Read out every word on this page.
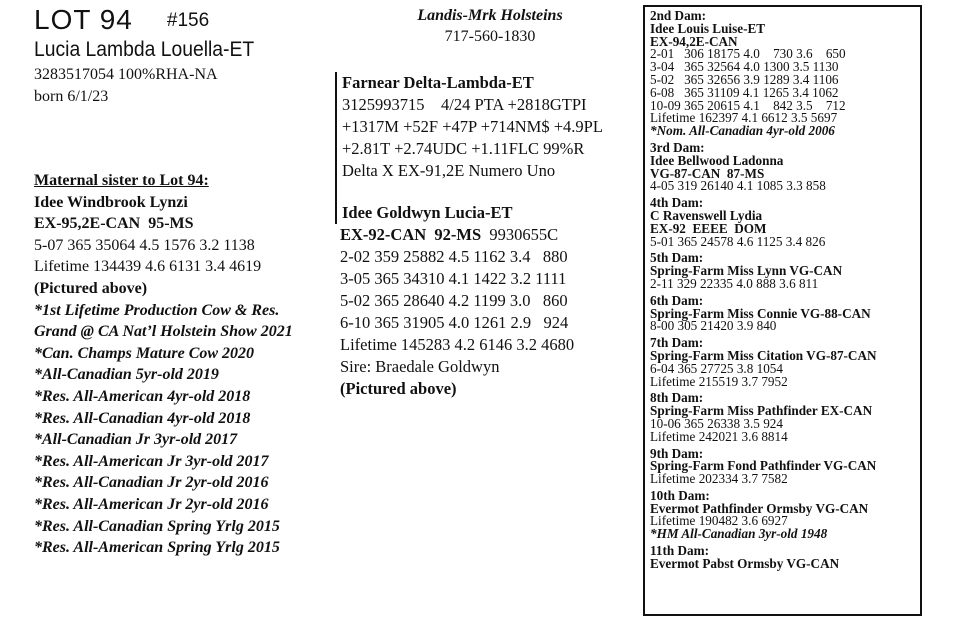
LOT 94 #156
Lucia Lambda Louella-ET
3283517054 100%RHA-NA
born 6/1/23
Landis-Mrk Holsteins
717-560-1830
Maternal sister to Lot 94:
Idee Windbrook Lynzi
EX-95,2E-CAN  95-MS
5-07 365 35064 4.5 1576 3.2 1138
Lifetime 134439 4.6 6131 3.4 4619
(Pictured above)
*1st Lifetime Production Cow & Res.
Grand @ CA Nat’l Holstein Show 2021
*Can. Champs Mature Cow 2020
*All-Canadian 5yr-old 2019
*Res. All-American 4yr-old 2018
*Res. All-Canadian 4yr-old 2018
*All-Canadian Jr 3yr-old 2017
*Res. All-American Jr 3yr-old 2017
*Res. All-Canadian Jr 2yr-old 2016
*Res. All-American Jr 2yr-old 2016
*Res. All-Canadian Spring Yrlg 2015
*Res. All-American Spring Yrlg 2015
Farnear Delta-Lambda-ET
3125993715    4/24 PTA +2818GTPI
+1317M +52F +47P +714NM$ +4.9PL
+2.81T +2.74UDC +1.11FLC 99%R
Delta X EX-91,2E Numero Uno
Idee Goldwyn Lucia-ET
EX-92-CAN  92-MS 9930655C
2-02 359 25882 4.5 1162 3.4   880
3-05 365 34310 4.1 1422 3.2 1111
5-02 365 28640 4.2 1199 3.0   860
6-10 365 31905 4.0 1261 2.9   924
Lifetime 145283 4.2 6146 3.2 4680
Sire: Braedale Goldwyn
(Pictured above)
2nd Dam:
Idee Louis Luise-ET
EX-94,2E-CAN
2-01   306 18175 4.0    730 3.6    650
3-04   365 32564 4.0 1300 3.5 1130
5-02   365 32656 3.9 1289 3.4 1106
6-08   365 31109 4.1 1265 3.4 1062
10-09 365 20615 4.1    842 3.5    712
Lifetime 162397 4.1 6612 3.5 5697
*Nom. All-Canadian 4yr-old 2006
3rd Dam:
Idee Bellwood Ladonna
VG-87-CAN  87-MS
4-05 319 26140 4.1 1085 3.3 858
4th Dam:
C Ravenswell Lydia
EX-92  EEEE  DOM
5-01 365 24578 4.6 1125 3.4 826
5th Dam:
Spring-Farm Miss Lynn VG-CAN
2-11 329 22335 4.0 888 3.6 811
6th Dam:
Spring-Farm Miss Connie VG-88-CAN
8-00 305 21420 3.9 840
7th Dam:
Spring-Farm Miss Citation VG-87-CAN
6-04 365 27725 3.8 1054
Lifetime 215519 3.7 7952
8th Dam:
Spring-Farm Miss Pathfinder EX-CAN
10-06 365 26338 3.5 924
Lifetime 242021 3.6 8814
9th Dam:
Spring-Farm Fond Pathfinder VG-CAN
Lifetime 202334 3.7 7582
10th Dam:
Evermot Pathfinder Ormsby VG-CAN
Lifetime 190482 3.6 6927
*HM All-Canadian 3yr-old 1948
11th Dam:
Evermot Pabst Ormsby VG-CAN
